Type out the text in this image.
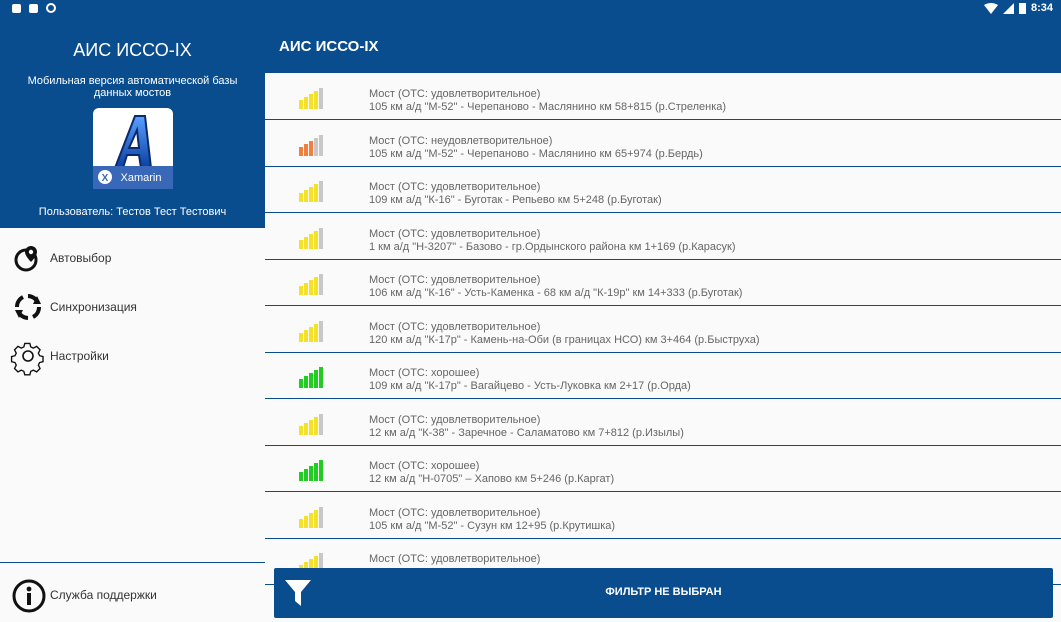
8:34
АИС ИССО-IX
Мобильная версия автоматической базы данных мостов
X Xamarin
Пользователь: Тестов Тест Тестович
Автовыбор
Синхронизация
Настройки
Служба поддержки
АИС ИССО-IX
Мост (ОТС: удовлетворительное)
105 км а/д "М-52" - Черепаново - Маслянино км 58+815 (р.Стреленка)
Мост (ОТС: неудовлетворительное)
105 км а/д "М-52" - Черепаново - Маслянино км 65+974 (р.Бердь)
Мост (ОТС: удовлетворительное)
109 км а/д "К-16" - Буготак - Репьево км 5+248 (р.Буготак)
Мост (ОТС: удовлетворительное)
1 км а/д "Н-3207" - Базово - гр.Ордынского района км 1+169 (р.Карасук)
Мост (ОТС: удовлетворительное)
106 км а/д "К-16" - Усть-Каменка - 68 км а/д "К-19р" км 14+333 (р.Буготак)
Мост (ОТС: удовлетворительное)
120 км а/д "К-17р" - Камень-на-Оби (в границах НСО) км 3+464 (р.Быструха)
Мост (ОТС: хорошее)
109 км а/д "К-17р" - Вагайцево - Усть-Луковка км 2+17 (р.Орда)
Мост (ОТС: удовлетворительное)
12 км а/д "К-38" - Заречное - Саламатово км 7+812 (р.Изылы)
Мост (ОТС: хорошее)
12 км а/д "Н-0705" – Хапово км 5+246 (р.Каргат)
Мост (ОТС: удовлетворительное)
105 км а/д "М-52" - Сузун км 12+95 (р.Крутишка)
Мост (ОТС: удовлетворительное)
ФИЛЬТР НЕ ВЫБРАН
